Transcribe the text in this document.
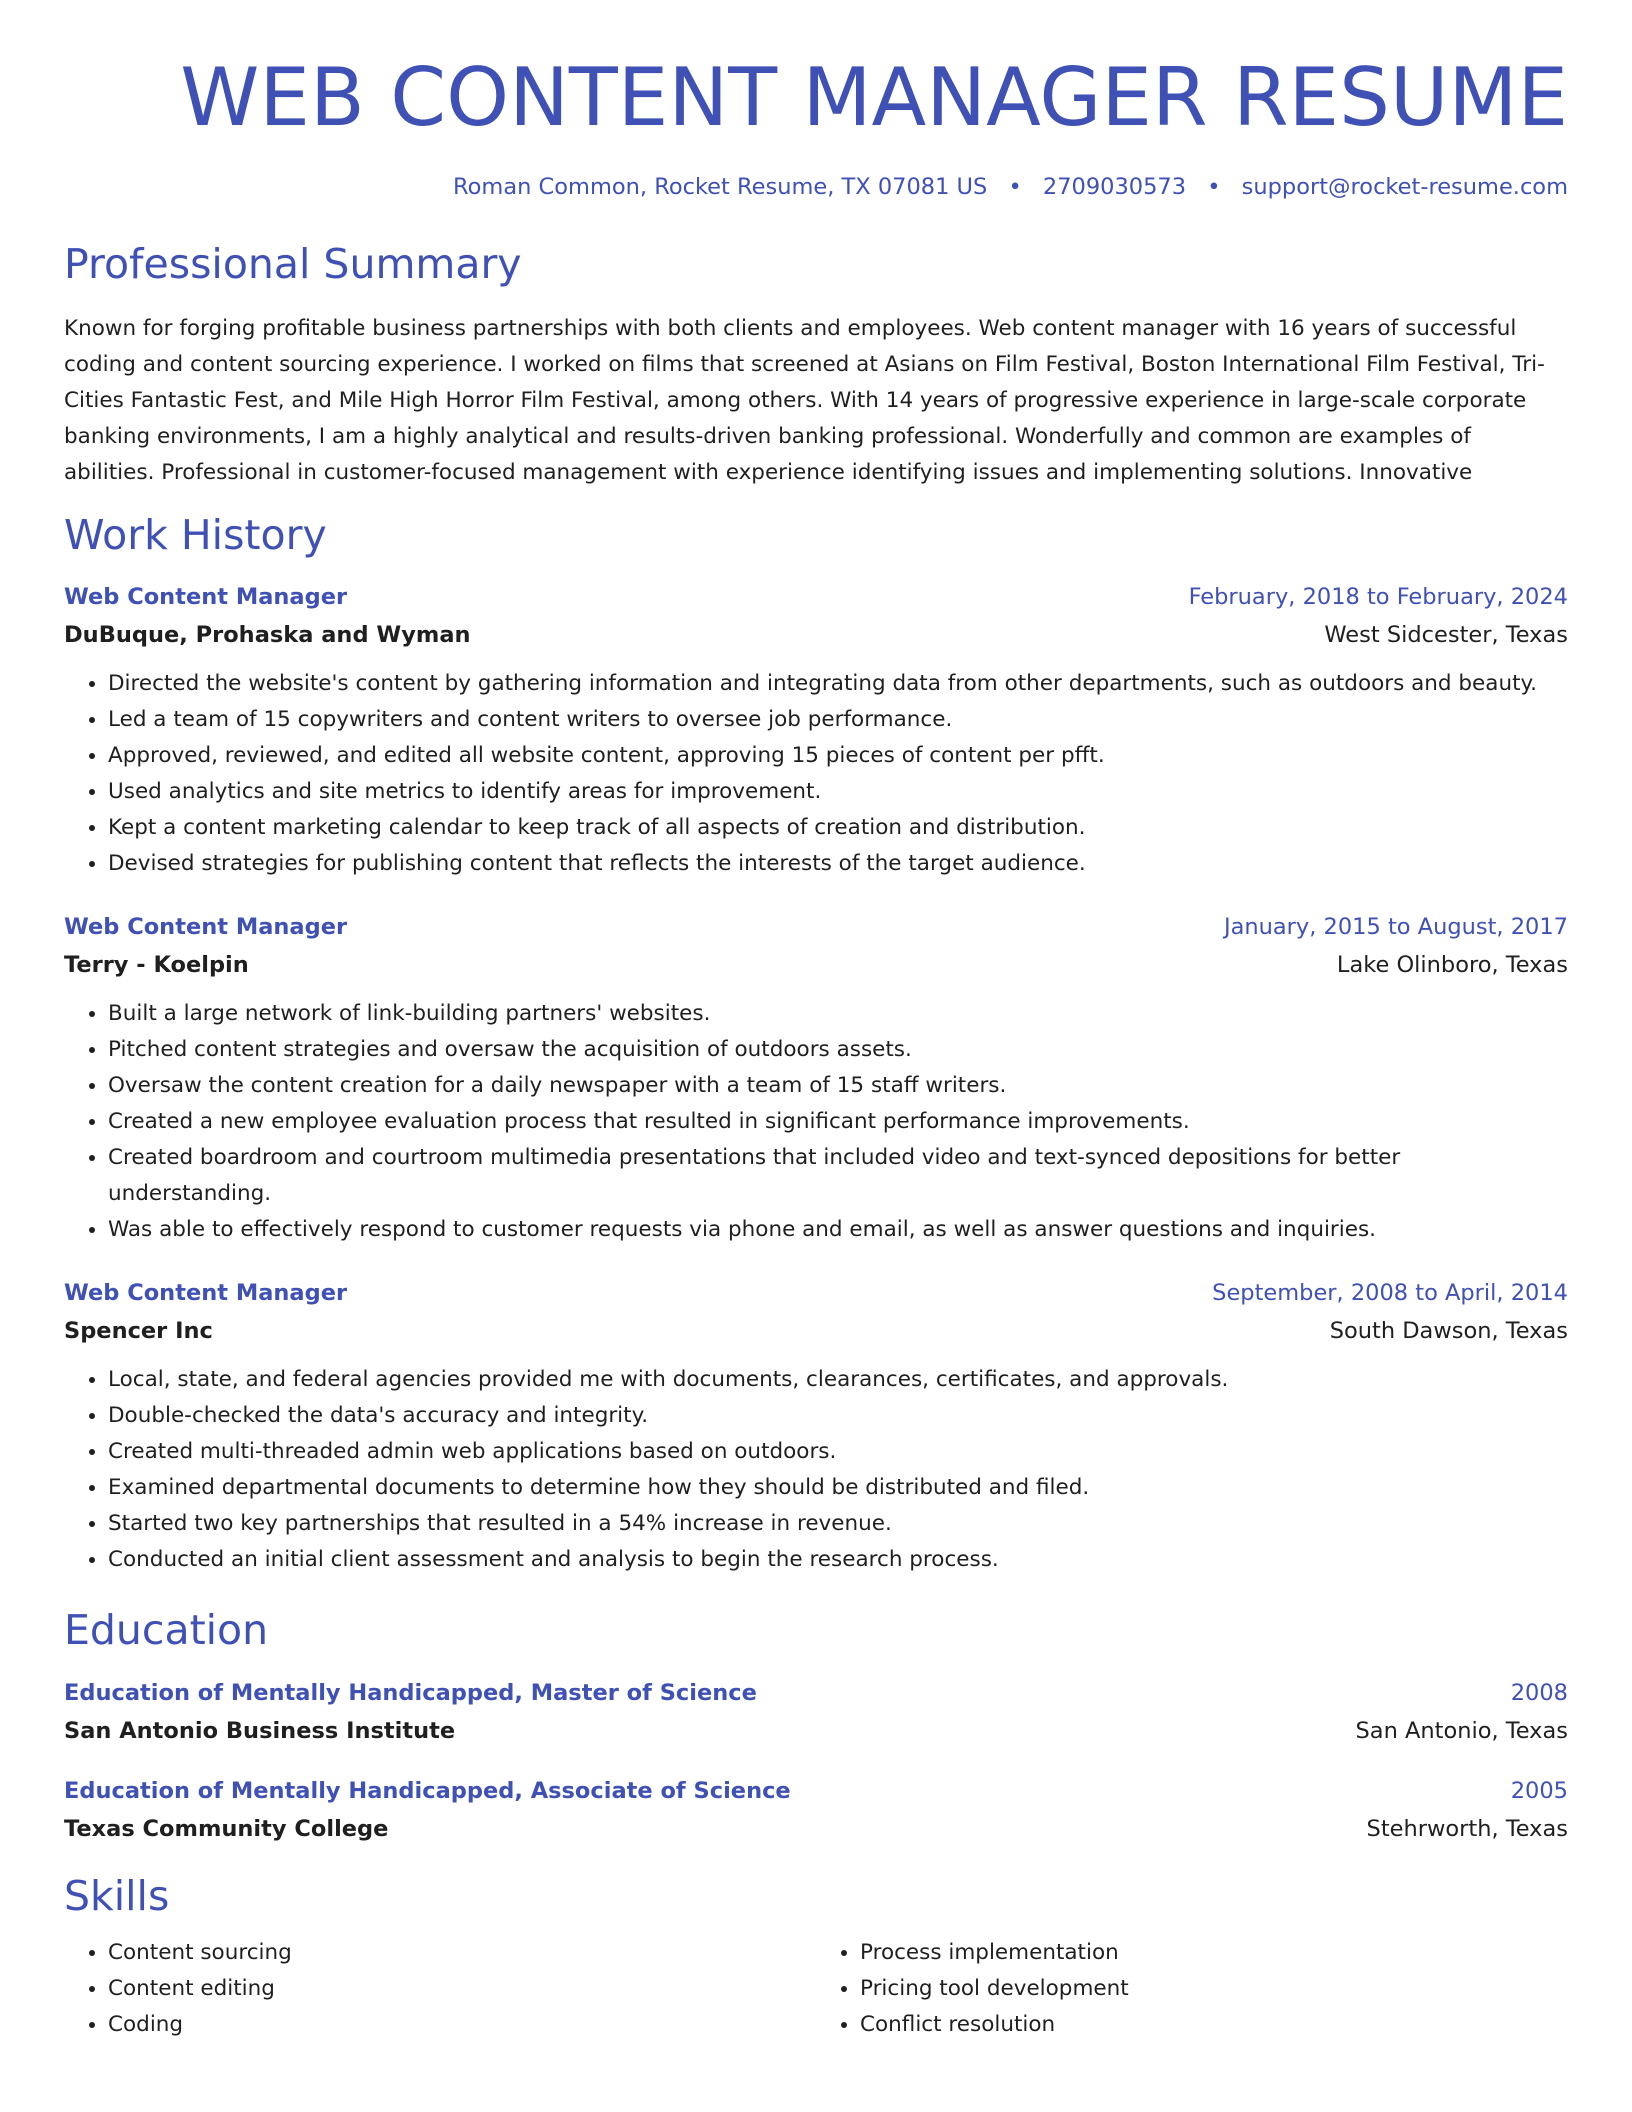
WEB CONTENT MANAGER RESUME
Roman Common, Rocket Resume, TX 07081 US • 2709030573 • support@rocket-resume.com
Professional Summary
Known for forging profitable business partnerships with both clients and employees. Web content manager with 16 years of successful coding and content sourcing experience. I worked on films that screened at Asians on Film Festival, Boston International Film Festival, Tri-Cities Fantastic Fest, and Mile High Horror Film Festival, among others. With 14 years of progressive experience in large-scale corporate banking environments, I am a highly analytical and results-driven banking professional. Wonderfully and common are examples of abilities. Professional in customer-focused management with experience identifying issues and implementing solutions. Innovative
Work History
Web Content Manager	February, 2018 to February, 2024
DuBuque, Prohaska and Wyman	West Sidcester, Texas
• Directed the website's content by gathering information and integrating data from other departments, such as outdoors and beauty.
• Led a team of 15 copywriters and content writers to oversee job performance.
• Approved, reviewed, and edited all website content, approving 15 pieces of content per pfft.
• Used analytics and site metrics to identify areas for improvement.
• Kept a content marketing calendar to keep track of all aspects of creation and distribution.
• Devised strategies for publishing content that reflects the interests of the target audience.
Web Content Manager	January, 2015 to August, 2017
Terry - Koelpin	Lake Olinboro, Texas
• Built a large network of link-building partners' websites.
• Pitched content strategies and oversaw the acquisition of outdoors assets.
• Oversaw the content creation for a daily newspaper with a team of 15 staff writers.
• Created a new employee evaluation process that resulted in significant performance improvements.
• Created boardroom and courtroom multimedia presentations that included video and text-synced depositions for better understanding.
• Was able to effectively respond to customer requests via phone and email, as well as answer questions and inquiries.
Web Content Manager	September, 2008 to April, 2014
Spencer Inc	South Dawson, Texas
• Local, state, and federal agencies provided me with documents, clearances, certificates, and approvals.
• Double-checked the data's accuracy and integrity.
• Created multi-threaded admin web applications based on outdoors.
• Examined departmental documents to determine how they should be distributed and filed.
• Started two key partnerships that resulted in a 54% increase in revenue.
• Conducted an initial client assessment and analysis to begin the research process.
Education
Education of Mentally Handicapped, Master of Science	2008
San Antonio Business Institute	San Antonio, Texas
Education of Mentally Handicapped, Associate of Science	2005
Texas Community College	Stehrworth, Texas
Skills
• Content sourcing
• Content editing
• Coding
• Process implementation
• Pricing tool development
• Conflict resolution
